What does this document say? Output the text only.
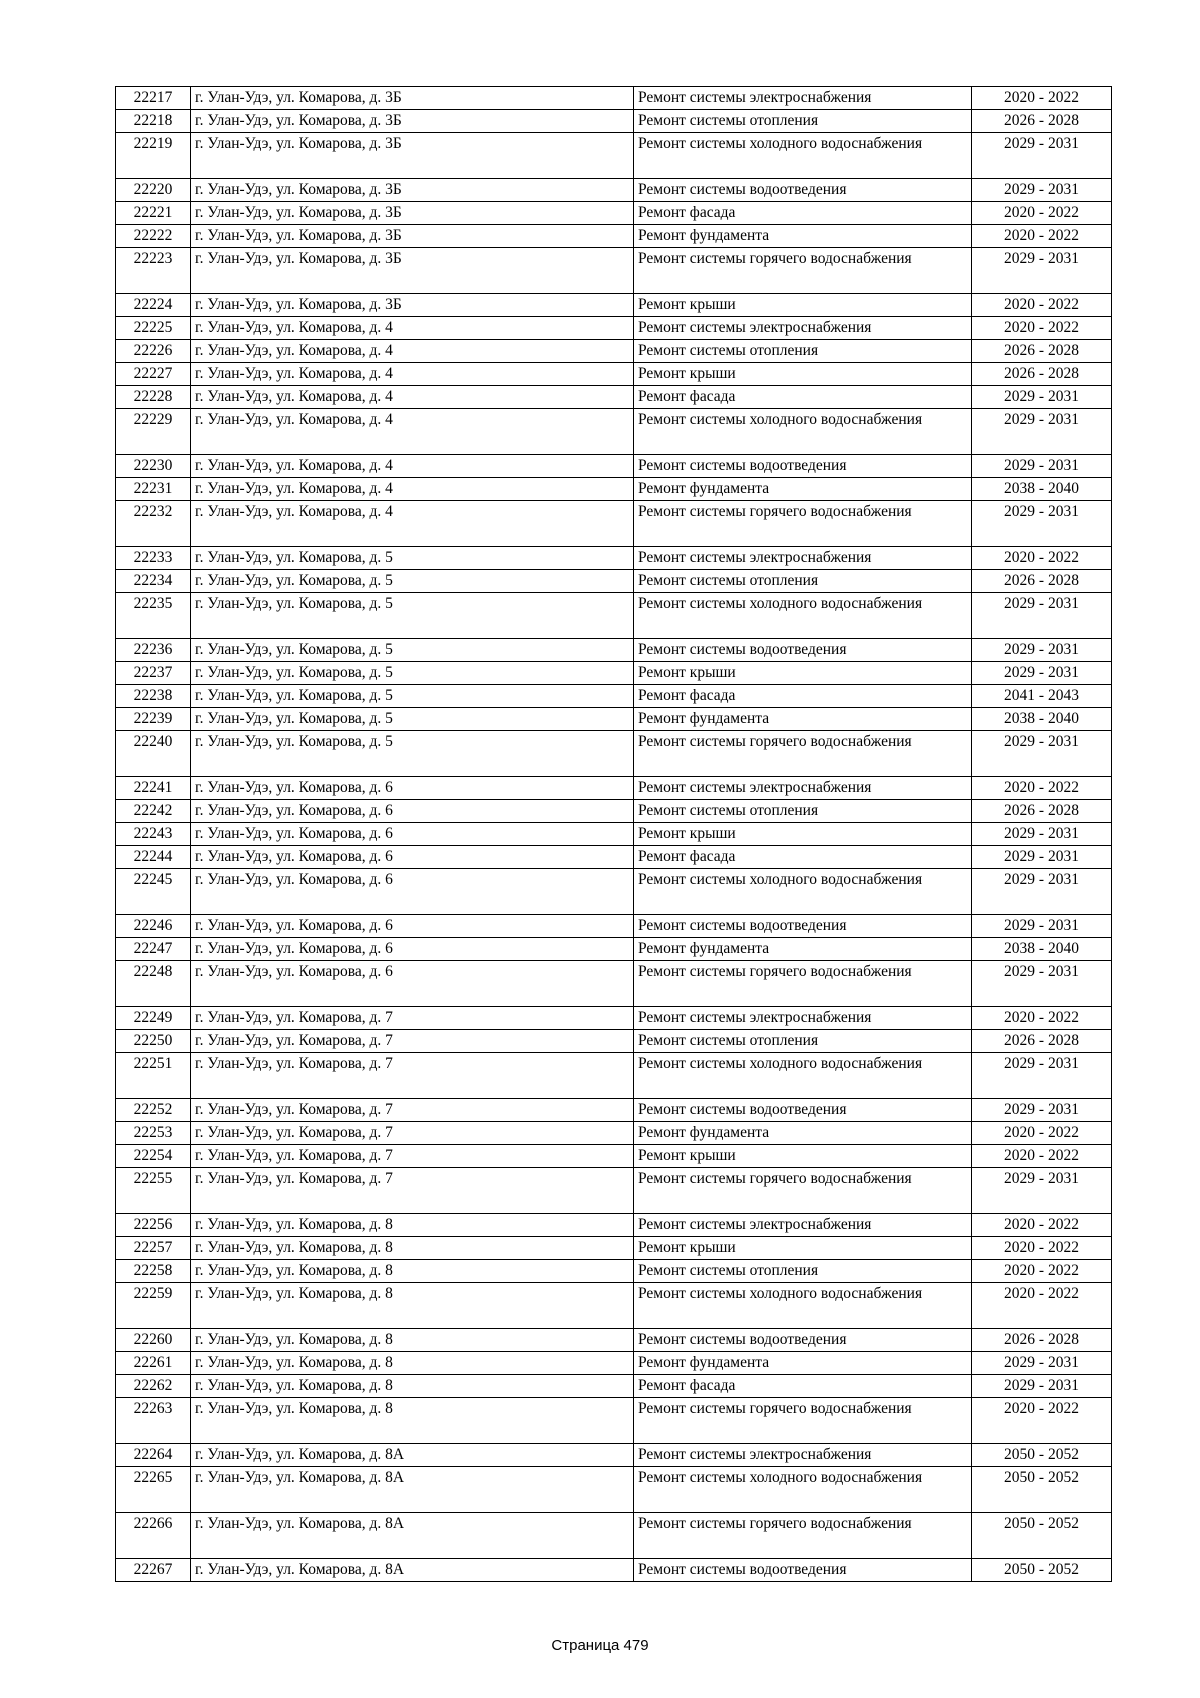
22217	г. Улан-Удэ, ул. Комарова, д. 3Б	Ремонт системы электроснабжения	2020 - 2022
22218	г. Улан-Удэ, ул. Комарова, д. 3Б	Ремонт системы отопления	2026 - 2028
22219	г. Улан-Удэ, ул. Комарова, д. 3Б	Ремонт системы холодного водоснабжения	2029 - 2031
22220	г. Улан-Удэ, ул. Комарова, д. 3Б	Ремонт системы водоотведения	2029 - 2031
22221	г. Улан-Удэ, ул. Комарова, д. 3Б	Ремонт фасада	2020 - 2022
22222	г. Улан-Удэ, ул. Комарова, д. 3Б	Ремонт фундамента	2020 - 2022
22223	г. Улан-Удэ, ул. Комарова, д. 3Б	Ремонт системы горячего водоснабжения	2029 - 2031
22224	г. Улан-Удэ, ул. Комарова, д. 3Б	Ремонт крыши	2020 - 2022
22225	г. Улан-Удэ, ул. Комарова, д. 4	Ремонт системы электроснабжения	2020 - 2022
22226	г. Улан-Удэ, ул. Комарова, д. 4	Ремонт системы отопления	2026 - 2028
22227	г. Улан-Удэ, ул. Комарова, д. 4	Ремонт крыши	2026 - 2028
22228	г. Улан-Удэ, ул. Комарова, д. 4	Ремонт фасада	2029 - 2031
22229	г. Улан-Удэ, ул. Комарова, д. 4	Ремонт системы холодного водоснабжения	2029 - 2031
22230	г. Улан-Удэ, ул. Комарова, д. 4	Ремонт системы водоотведения	2029 - 2031
22231	г. Улан-Удэ, ул. Комарова, д. 4	Ремонт фундамента	2038 - 2040
22232	г. Улан-Удэ, ул. Комарова, д. 4	Ремонт системы горячего водоснабжения	2029 - 2031
22233	г. Улан-Удэ, ул. Комарова, д. 5	Ремонт системы электроснабжения	2020 - 2022
22234	г. Улан-Удэ, ул. Комарова, д. 5	Ремонт системы отопления	2026 - 2028
22235	г. Улан-Удэ, ул. Комарова, д. 5	Ремонт системы холодного водоснабжения	2029 - 2031
22236	г. Улан-Удэ, ул. Комарова, д. 5	Ремонт системы водоотведения	2029 - 2031
22237	г. Улан-Удэ, ул. Комарова, д. 5	Ремонт крыши	2029 - 2031
22238	г. Улан-Удэ, ул. Комарова, д. 5	Ремонт фасада	2041 - 2043
22239	г. Улан-Удэ, ул. Комарова, д. 5	Ремонт фундамента	2038 - 2040
22240	г. Улан-Удэ, ул. Комарова, д. 5	Ремонт системы горячего водоснабжения	2029 - 2031
22241	г. Улан-Удэ, ул. Комарова, д. 6	Ремонт системы электроснабжения	2020 - 2022
22242	г. Улан-Удэ, ул. Комарова, д. 6	Ремонт системы отопления	2026 - 2028
22243	г. Улан-Удэ, ул. Комарова, д. 6	Ремонт крыши	2029 - 2031
22244	г. Улан-Удэ, ул. Комарова, д. 6	Ремонт фасада	2029 - 2031
22245	г. Улан-Удэ, ул. Комарова, д. 6	Ремонт системы холодного водоснабжения	2029 - 2031
22246	г. Улан-Удэ, ул. Комарова, д. 6	Ремонт системы водоотведения	2029 - 2031
22247	г. Улан-Удэ, ул. Комарова, д. 6	Ремонт фундамента	2038 - 2040
22248	г. Улан-Удэ, ул. Комарова, д. 6	Ремонт системы горячего водоснабжения	2029 - 2031
22249	г. Улан-Удэ, ул. Комарова, д. 7	Ремонт системы электроснабжения	2020 - 2022
22250	г. Улан-Удэ, ул. Комарова, д. 7	Ремонт системы отопления	2026 - 2028
22251	г. Улан-Удэ, ул. Комарова, д. 7	Ремонт системы холодного водоснабжения	2029 - 2031
22252	г. Улан-Удэ, ул. Комарова, д. 7	Ремонт системы водоотведения	2029 - 2031
22253	г. Улан-Удэ, ул. Комарова, д. 7	Ремонт фундамента	2020 - 2022
22254	г. Улан-Удэ, ул. Комарова, д. 7	Ремонт крыши	2020 - 2022
22255	г. Улан-Удэ, ул. Комарова, д. 7	Ремонт системы горячего водоснабжения	2029 - 2031
22256	г. Улан-Удэ, ул. Комарова, д. 8	Ремонт системы электроснабжения	2020 - 2022
22257	г. Улан-Удэ, ул. Комарова, д. 8	Ремонт крыши	2020 - 2022
22258	г. Улан-Удэ, ул. Комарова, д. 8	Ремонт системы отопления	2020 - 2022
22259	г. Улан-Удэ, ул. Комарова, д. 8	Ремонт системы холодного водоснабжения	2020 - 2022
22260	г. Улан-Удэ, ул. Комарова, д. 8	Ремонт системы водоотведения	2026 - 2028
22261	г. Улан-Удэ, ул. Комарова, д. 8	Ремонт фундамента	2029 - 2031
22262	г. Улан-Удэ, ул. Комарова, д. 8	Ремонт фасада	2029 - 2031
22263	г. Улан-Удэ, ул. Комарова, д. 8	Ремонт системы горячего водоснабжения	2020 - 2022
22264	г. Улан-Удэ, ул. Комарова, д. 8А	Ремонт системы электроснабжения	2050 - 2052
22265	г. Улан-Удэ, ул. Комарова, д. 8А	Ремонт системы холодного водоснабжения	2050 - 2052
22266	г. Улан-Удэ, ул. Комарова, д. 8А	Ремонт системы горячего водоснабжения	2050 - 2052
22267	г. Улан-Удэ, ул. Комарова, д. 8А	Ремонт системы водоотведения	2050 - 2052
Страница 479
